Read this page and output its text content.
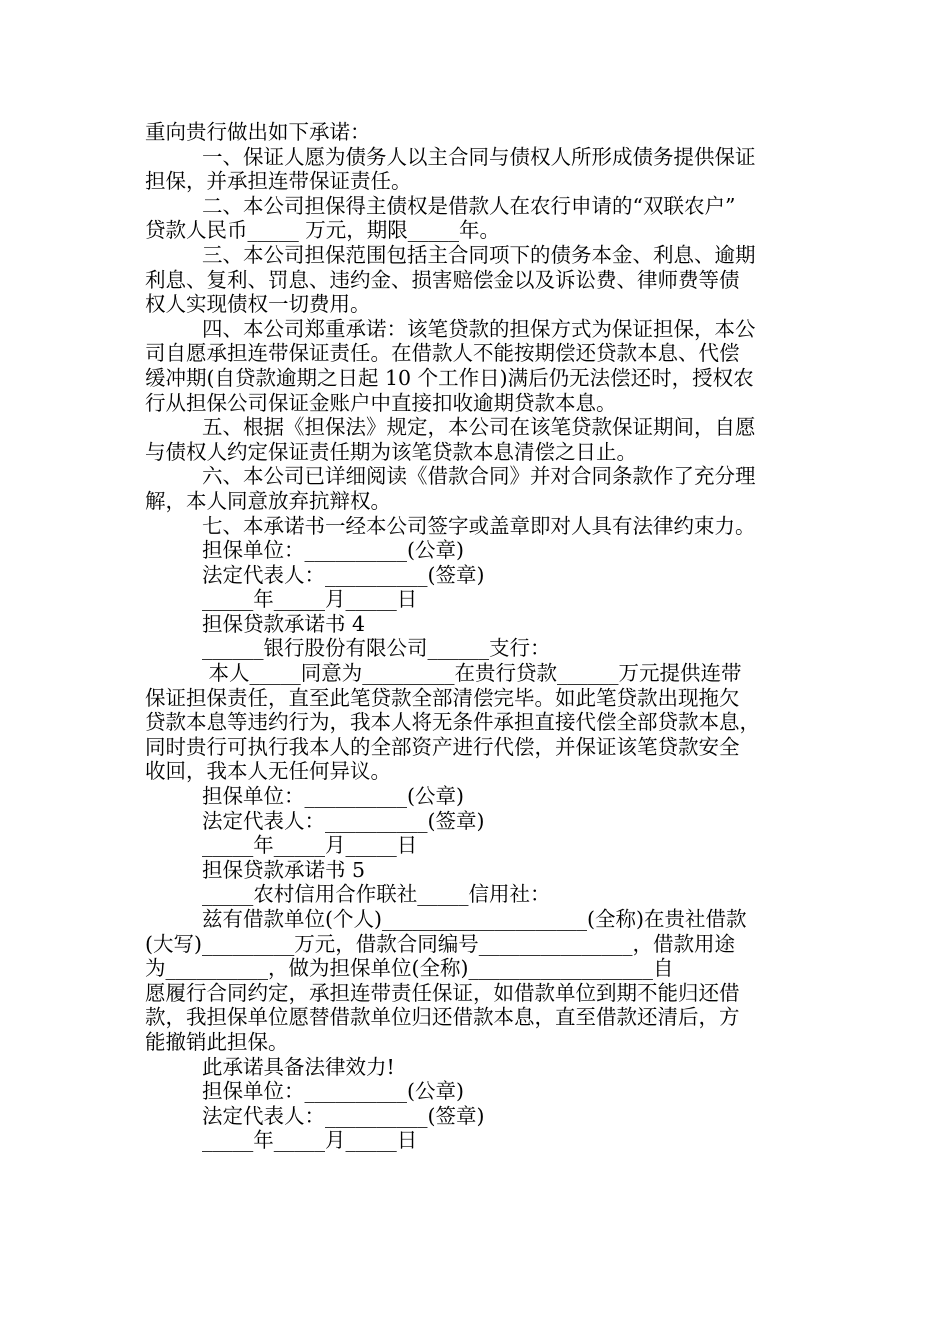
重向贵行做出如下承诺：
一、保证人愿为债务人以主合同与债权人所形成债务提供保证
担保，并承担连带保证责任。
二、本公司担保得主债权是借款人在农行申请的“双联农户”
贷款人民币_____ 万元，期限_____年。
三、本公司担保范围包括主合同项下的债务本金、利息、逾期
利息、复利、罚息、违约金、损害赔偿金以及诉讼费、律师费等债
权人实现债权一切费用。
四、本公司郑重承诺：该笔贷款的担保方式为保证担保，本公
司自愿承担连带保证责任。在借款人不能按期偿还贷款本息、代偿
缓冲期(自贷款逾期之日起 10 个工作日)满后仍无法偿还时，授权农
行从担保公司保证金账户中直接扣收逾期贷款本息。
五、根据《担保法》规定，本公司在该笔贷款保证期间，自愿
与债权人约定保证责任期为该笔贷款本息清偿之日止。
六、本公司已详细阅读《借款合同》并对合同条款作了充分理
解，本人同意放弃抗辩权。
七、本承诺书一经本公司签字或盖章即对人具有法律约束力。
担保单位：__________(公章)
法定代表人：__________(签章)
_____年_____月_____日
担保贷款承诺书 4
______银行股份有限公司______支行：
本人_____同意为_________在贵行贷款______万元提供连带
保证担保责任，直至此笔贷款全部清偿完毕。如此笔贷款出现拖欠
贷款本息等违约行为，我本人将无条件承担直接代偿全部贷款本息，
同时贵行可执行我本人的全部资产进行代偿，并保证该笔贷款安全
收回，我本人无任何异议。
担保单位：__________(公章)
法定代表人：__________(签章)
_____年_____月_____日
担保贷款承诺书 5
_____农村信用合作联社_____信用社：
兹有借款单位(个人)____________________(全称)在贵社借款
(大写)_________万元，借款合同编号_______________，借款用途
为__________，做为担保单位(全称)__________________自
愿履行合同约定，承担连带责任保证，如借款单位到期不能归还借
款，我担保单位愿替借款单位归还借款本息，直至借款还清后，方
能撤销此担保。
此承诺具备法律效力!
担保单位：__________(公章)
法定代表人：__________(签章)
_____年_____月_____日
